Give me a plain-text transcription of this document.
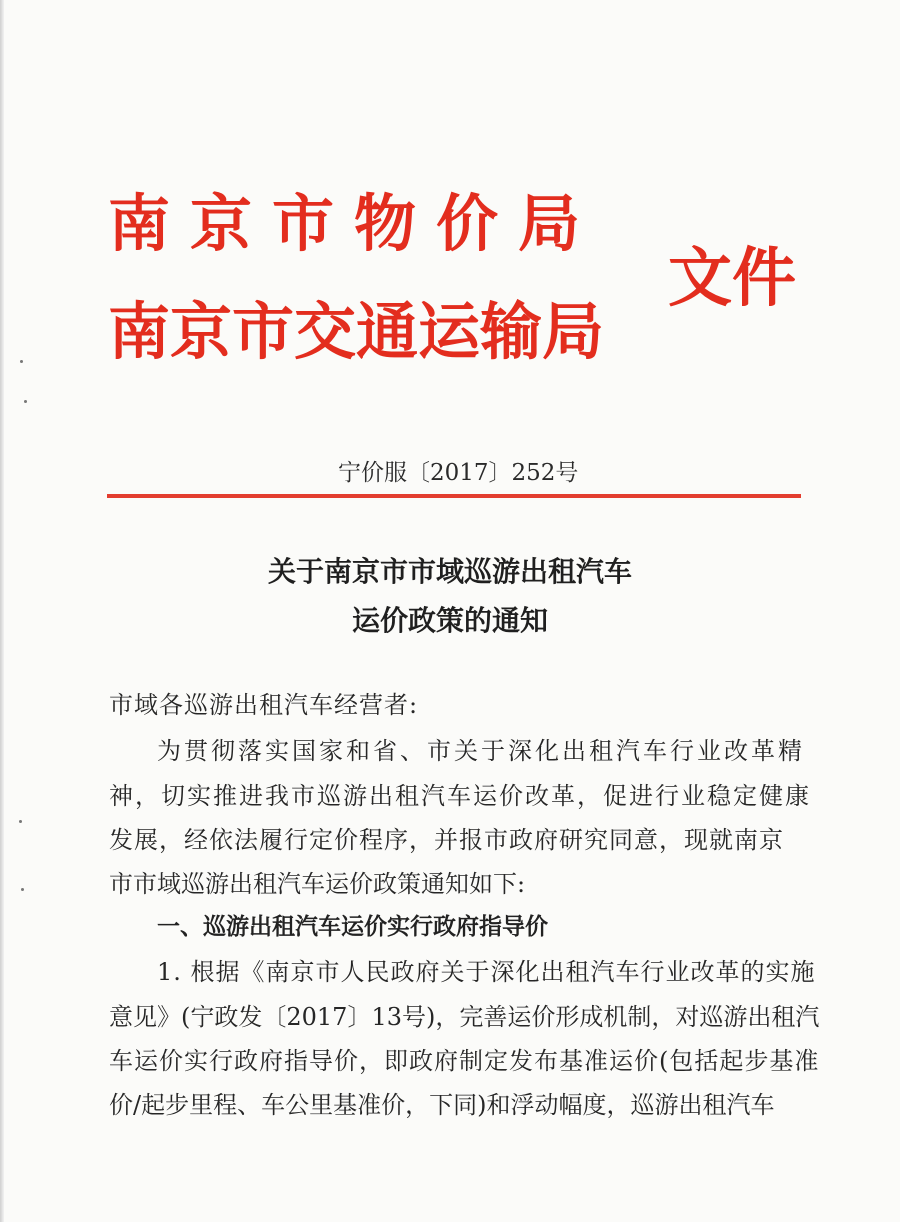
南京市物价局
南京市交通运输局
文件
宁价服〔2017〕252号
关于南京市市域巡游出租汽车
运价政策的通知
市域各巡游出租汽车经营者:
为贯彻落实国家和省、市关于深化出租汽车行业改革精
神，切实推进我市巡游出租汽车运价改革，促进行业稳定健康
发展，经依法履行定价程序，并报市政府研究同意，现就南京
市市域巡游出租汽车运价政策通知如下:
一、巡游出租汽车运价实行政府指导价
1. 根据《南京市人民政府关于深化出租汽车行业改革的实施
意见》(宁政发〔2017〕13号)，完善运价形成机制，对巡游出租汽
车运价实行政府指导价，即政府制定发布基准运价(包括起步基准
价/起步里程、车公里基准价，下同)和浮动幅度，巡游出租汽车
